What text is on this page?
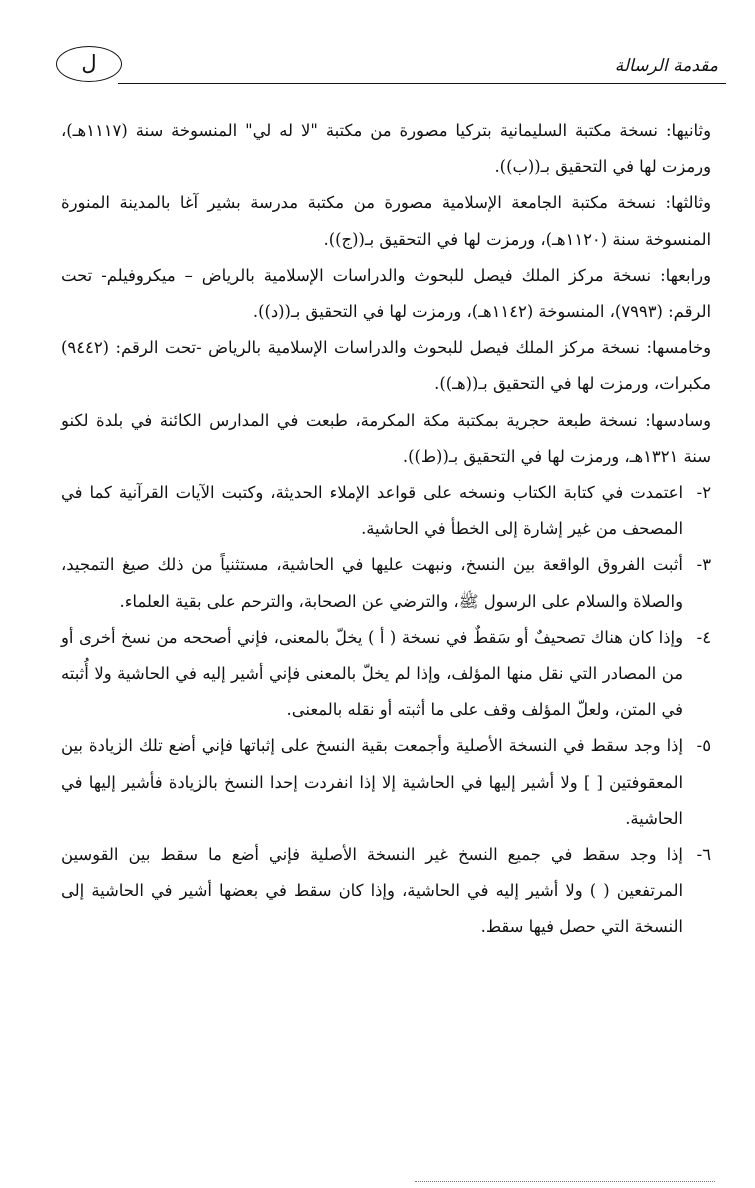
مقدمة الرسالة
ل

وثانيها: نسخة مكتبة السليمانية بتركيا مصورة من مكتبة "لا له لي" المنسوخة سنة (١١١٧هـ)، ورمزت لها في التحقيق بـ((ب)).

وثالثها: نسخة مكتبة الجامعة الإسلامية مصورة من مكتبة مدرسة بشير آغا بالمدينة المنورة المنسوخة سنة (١١٢٠هـ)، ورمزت لها في التحقيق بـ((ج)).

ورابعها: نسخة مركز الملك فيصل للبحوث والدراسات الإسلامية بالرياض – ميكروفيلم- تحت الرقم: (٧٩٩٣)، المنسوخة (١١٤٢هـ)، ورمزت لها في التحقيق بـ((د)).

وخامسها: نسخة مركز الملك فيصل للبحوث والدراسات الإسلامية بالرياض -تحت الرقم: (٩٤٤٢) مكبرات، ورمزت لها في التحقيق بـ((هـ)).

وسادسها: نسخة طبعة حجرية بمكتبة مكة المكرمة، طبعت في المدارس الكائنة في بلدة لكنو سنة ١٣٢١هـ، ورمزت لها في التحقيق بـ((ط)).

٢-
اعتمدت في كتابة الكتاب ونسخه على قواعد الإملاء الحديثة، وكتبت الآيات القرآنية كما في المصحف من غير إشارة إلى الخطأ في الحاشية.
٣-
أثبت الفروق الواقعة بين النسخ، ونبهت عليها في الحاشية، مستثنياً من ذلك صيغ التمجيد، والصلاة والسلام على الرسول ﷺ، والترضي عن الصحابة، والترحم على بقية العلماء.
٤-
وإذا كان هناك تصحيفٌ أو سَقطٌ في نسخة ( أ ) يخلّ بالمعنى، فإني أصححه من نسخ أخرى أو من المصادر التي نقل منها المؤلف، وإذا لم يخلّ بالمعنى فإني أشير إليه في الحاشية ولا أُثبته في المتن، ولعلّ المؤلف وقف على ما أثبته أو نقله بالمعنى.
٥-
إذا وجد سقط في النسخة الأصلية وأجمعت بقية النسخ على إثباتها فإني أضع تلك الزيادة بين المعقوفتين [ ] ولا أشير إليها في الحاشية إلا إذا انفردت إحدا النسخ بالزيادة فأشير إليها في الحاشية.
٦-
إذا وجد سقط في جميع النسخ غير النسخة الأصلية فإني أضع ما سقط بين القوسين المرتفعين ( ) ولا أشير إليه في الحاشية، وإذا كان سقط في بعضها أشير في الحاشية إلى النسخة التي حصل فيها سقط.
